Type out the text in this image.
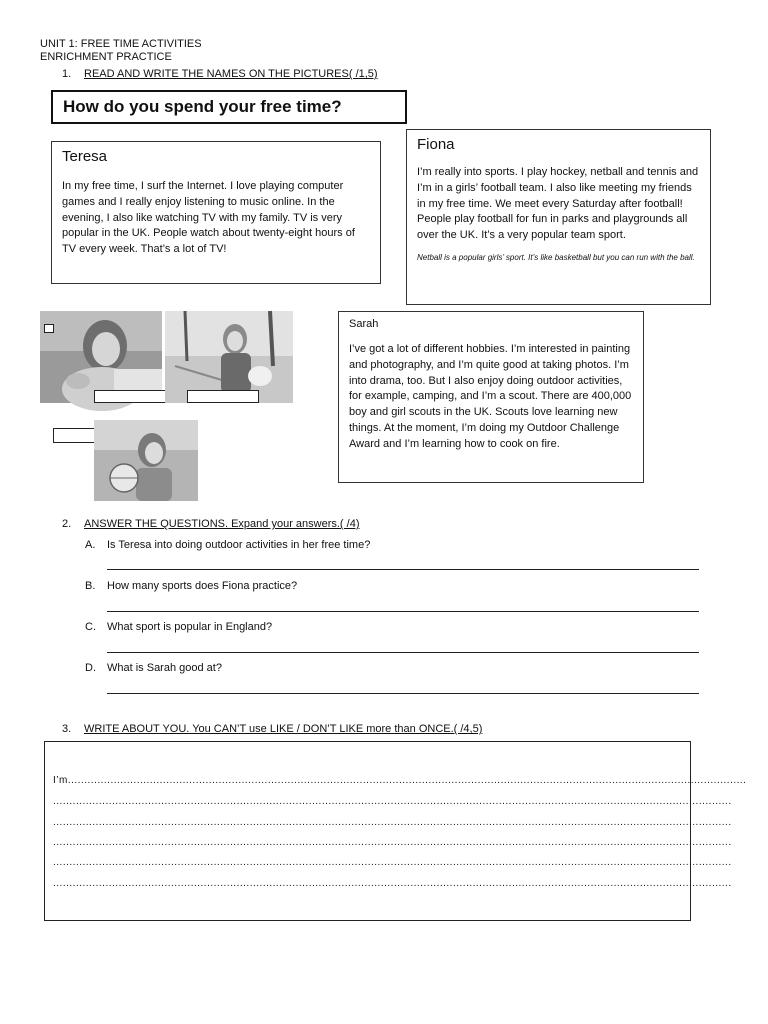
UNIT 1: FREE TIME ACTIVITIES
ENRICHMENT PRACTICE
1. READ AND WRITE THE NAMES ON THE PICTURES( /1,5)
How do you spend your free time?
Teresa
In my free time, I surf the Internet. I love playing computer games and I really enjoy listening to music online. In the evening, I also like watching TV with my family. TV is very popular in the UK. People watch about twenty-eight hours of TV every week. That’s a lot of TV!
Fiona
I’m really into sports. I play hockey, netball and tennis and I’m in a girls’ football team. I also like meeting my friends in my free time. We meet every Saturday after football! People play football for fun in parks and playgrounds all over the UK. It’s a very popular team sport.
Netball is a popular girls’ sport. It’s like basketball but you can run with the ball.
Sarah
I’ve got a lot of different hobbies. I’m interested in painting and photography, and I’m quite good at taking photos. I’m into drama, too. But I also enjoy doing outdoor activities, for example, camping, and I’m a scout. There are 400,000 boy and girl scouts in the UK. Scouts love learning new things. At the moment, I’m doing my Outdoor Challenge Award and I’m learning how to cook on fire.
2. ANSWER THE QUESTIONS. Expand your answers.( /4)
A. Is Teresa into doing outdoor activities in her free time?
B. How many sports does Fiona practice?
C. What sport is popular in England?
D. What is Sarah good at?
3. WRITE ABOUT YOU. You CAN’T use LIKE / DON’T LIKE more than ONCE.( /4,5)
I’m...............................................................................................................................................................................................................
...............................................................................................................................................................................................................
...............................................................................................................................................................................................................
...............................................................................................................................................................................................................
...............................................................................................................................................................................................................
...............................................................................................................................................................................................................
